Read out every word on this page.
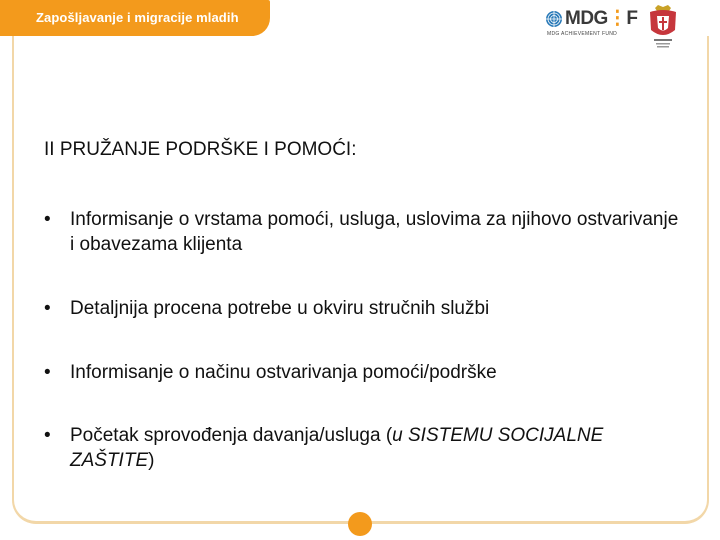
Zapošljavanje i migracije mladih	MDG⋮F
MDG ACHIEVEMENT FUND
II PRUŽANJE PODRŠKE I POMOĆI:
• Informisanje o vrstama pomoći, usluga, uslovima za njihovo ostvarivanje i obavezama klijenta
• Detaljnija procena potrebe u okviru stručnih službi
• Informisanje o načinu ostvarivanja pomoći/podrške
• Početak sprovođenja davanja/usluga (u SISTEMU SOCIJALNE ZAŠTITE)
